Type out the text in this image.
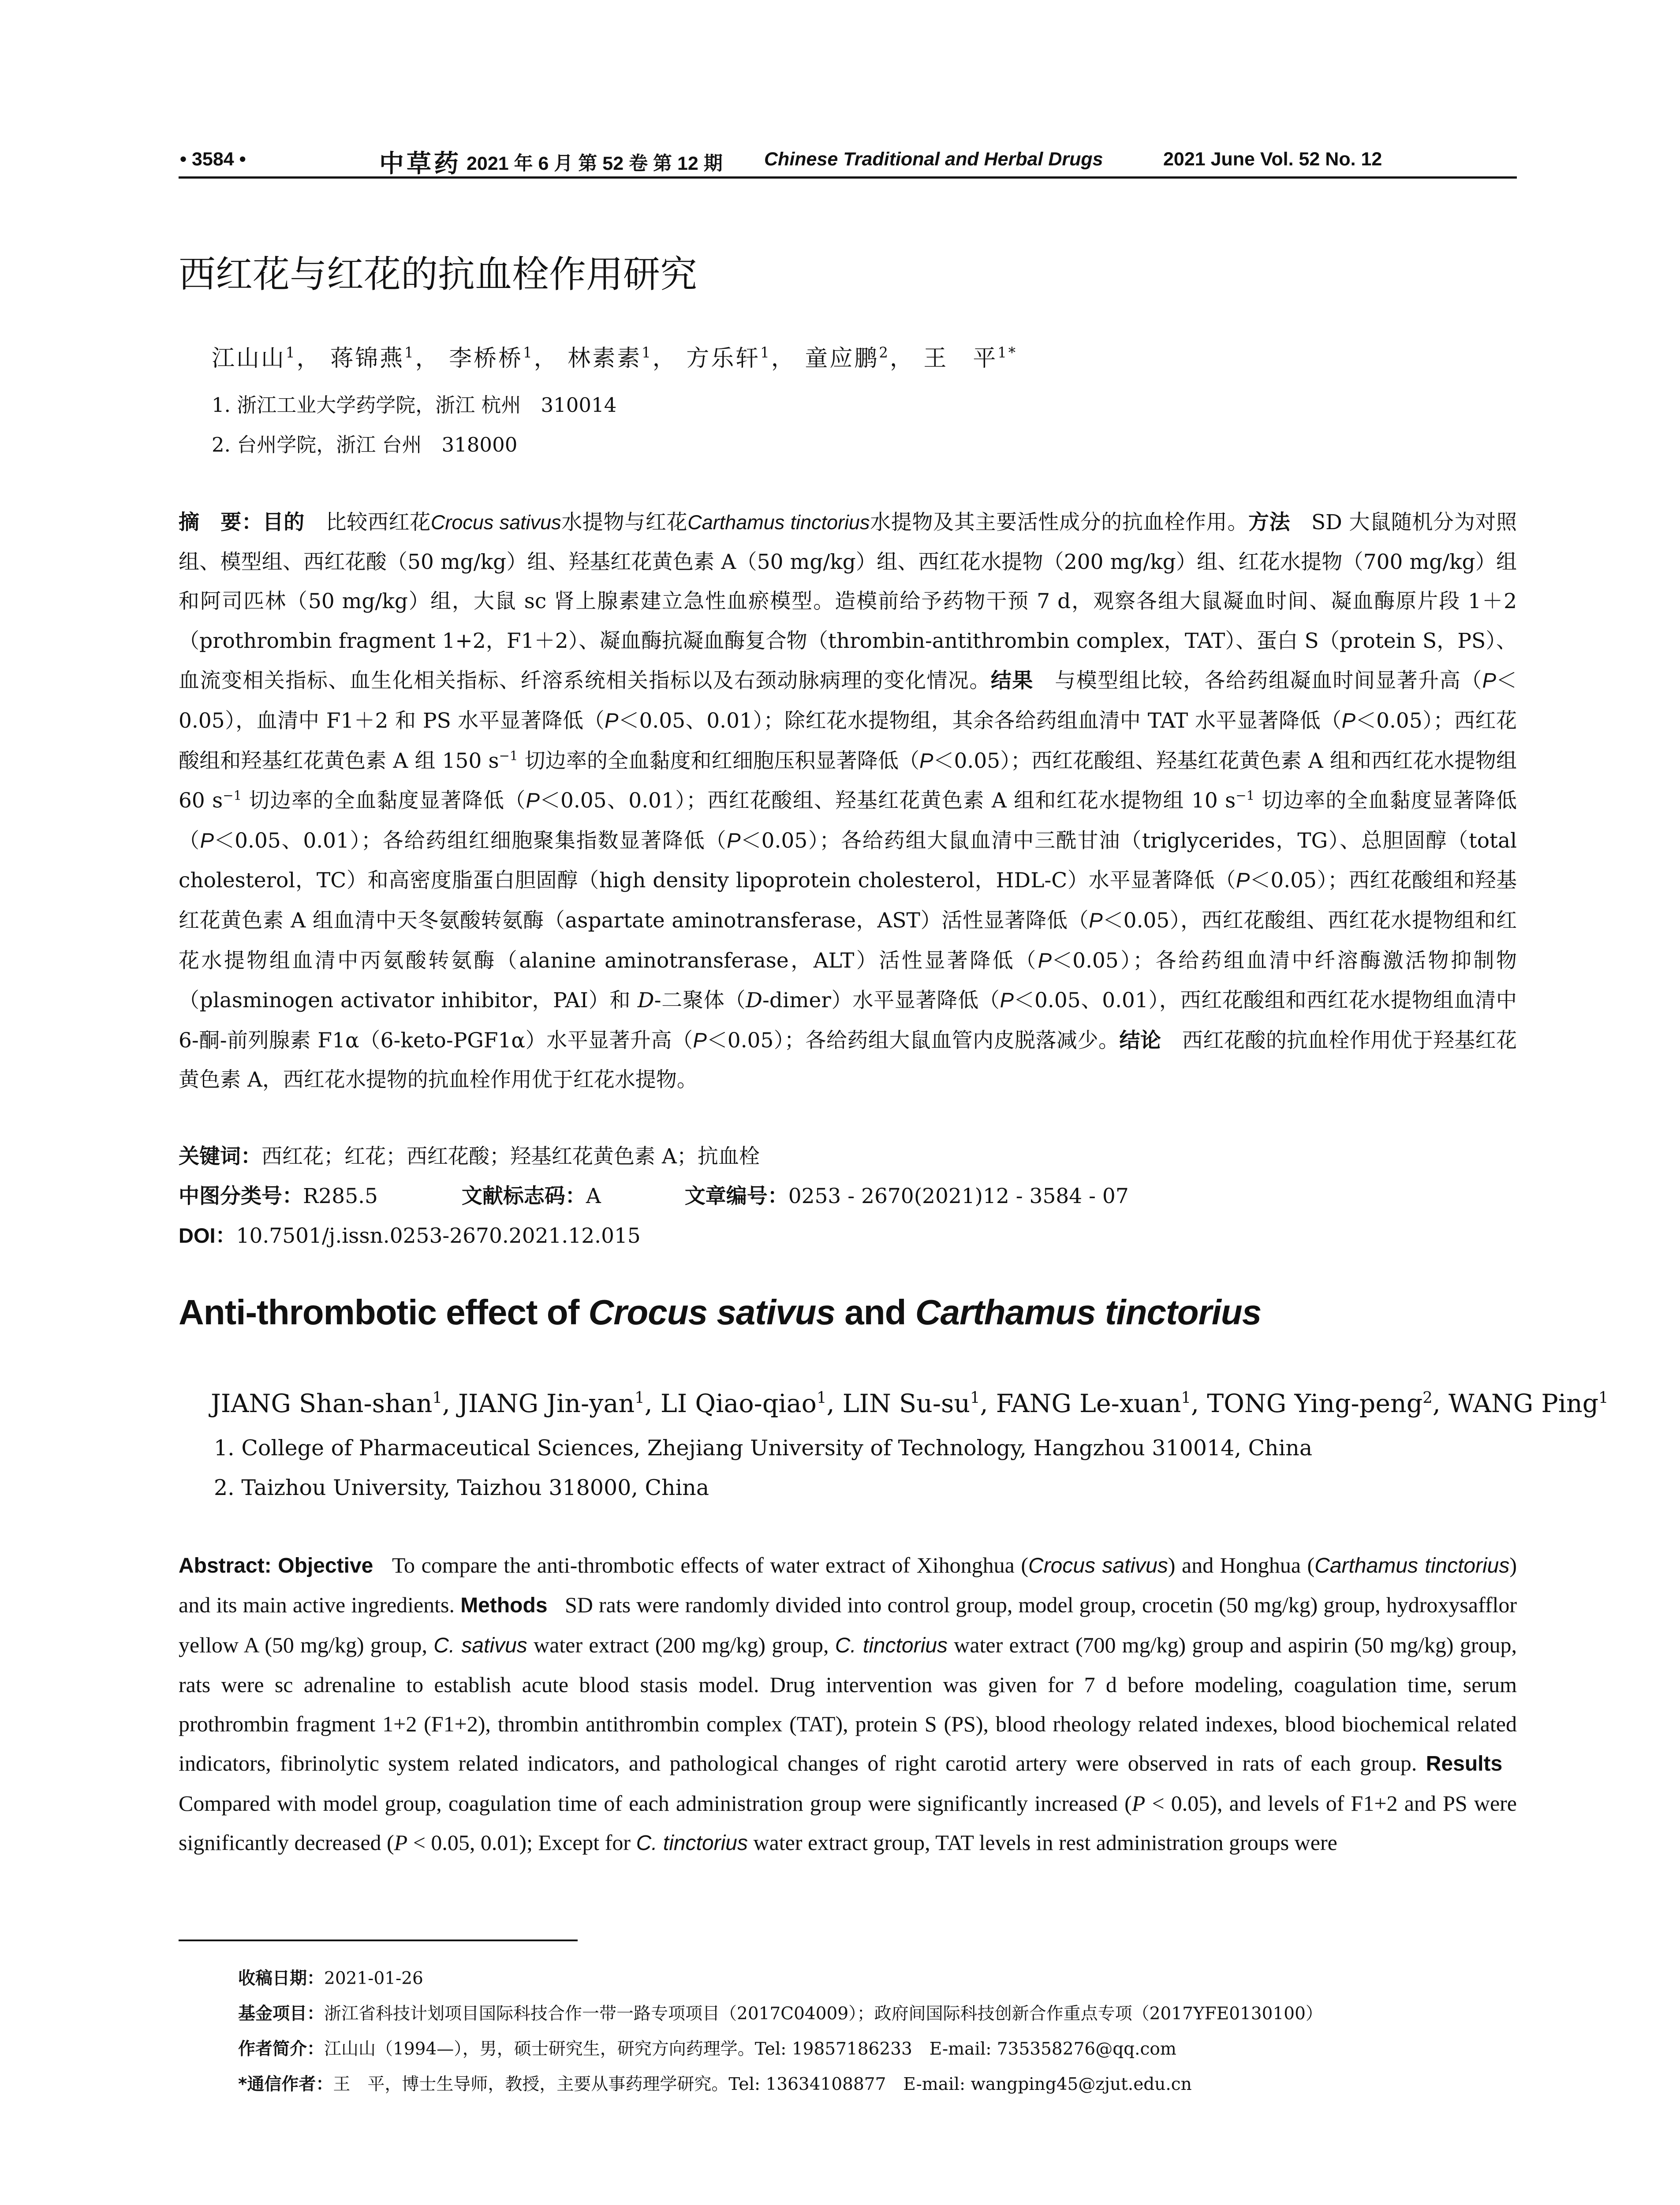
• 3584 •	中草药 2021 年 6 月 第 52 卷 第 12 期 Chinese Traditional and Herbal Drugs	2021 June Vol. 52 No. 12
西红花与红花的抗血栓作用研究
江山山$^1$， 蒋锦燕$^1$， 李桥桥$^1$， 林素素$^1$， 方乐轩$^1$， 童应鹏$^2$， 王　平$^{1*}$
1. 浙江工业大学药学院，浙江 杭州　310014
2. 台州学院，浙江 台州　318000
摘　要：目的　 比较西红花Crocus sativus水提物与红花Carthamus tinctorius水提物及其主要活性成分的抗血栓作用。方法　 SD 大鼠随机分为对照组、模型组、西红花酸（50 mg/kg）组、羟基红花黄色素 A（50 mg/kg）组、西红花水提物（200 mg/kg）组、红花水提物（700 mg/kg）组和阿司匹林（50 mg/kg）组，大鼠 sc 肾上腺素建立急性血瘀模型。造模前给予药物干预 7 d，观察各组大鼠凝血时间、凝血酶原片段 1＋2（prothrombin fragment 1+2，F1＋2）、凝血酶抗凝血酶复合物（thrombin-antithrombin complex，TAT）、蛋白 S（protein S，PS）、血流变相关指标、血生化相关指标、纤溶系统相关指标以及右颈动脉病理的变化情况。结果　 与模型组比较，各给药组凝血时间显著升高（P＜0.05），血清中 F1＋2 和 PS 水平显著降低（P＜0.05、0.01）；除红花水提物组，其余各给药组血清中 TAT 水平显著降低（P＜0.05）；西红花酸组和羟基红花黄色素 A 组 150 $s^{-1}$ 切边率的全血黏度和红细胞压积显著降低（P＜0.05）；西红花酸组、羟基红花黄色素 A 组和西红花水提物组 60 $s^{-1}$ 切边率的全血黏度显著降低（P＜0.05、0.01）；西红花酸组、羟基红花黄色素 A 组和红花水提物组 10 $s^{-1}$ 切边率的全血黏度显著降低（P＜0.05、0.01）；各给药组红细胞聚集指数显著降低（P＜0.05）；各给药组大鼠血清中三酰甘油（triglycerides，TG）、总胆固醇（total cholesterol，TC）和高密度脂蛋白胆固醇（high density lipoprotein cholesterol，HDL-C）水平显著降低（P＜0.05）；西红花酸组和羟基红花黄色素 A 组血清中天冬氨酸转氨酶（aspartate aminotransferase，AST）活性显著降低（P＜0.05），西红花酸组、西红花水提物组和红花水提物组血清中丙氨酸转氨酶（alanine aminotransferase，ALT）活性显著降低（P＜0.05）；各给药组血清中纤溶酶激活物抑制物（plasminogen activator inhibitor，PAI）和 D-二聚体（D-dimer）水平显著降低（P＜0.05、0.01），西红花酸组和西红花水提物组血清中 6-酮-前列腺素 F1α（6-keto-PGF1α）水平显著升高（P＜0.05）；各给药组大鼠血管内皮脱落减少。结论　 西红花酸的抗血栓作用优于羟基红花黄色素 A，西红花水提物的抗血栓作用优于红花水提物。
关键词：西红花；红花；西红花酸；羟基红花黄色素 A；抗血栓
中图分类号：R285.5	文献标志码：A	文章编号：0253 - 2670(2021)12 - 3584 - 07
DOI：10.7501/j.issn.0253-2670.2021.12.015
Anti-thrombotic effect of Crocus sativus and Carthamus tinctorius
JIANG Shan-shan$^1$, JIANG Jin-yan$^1$, LI Qiao-qiao$^1$, LIN $Su-su^1$, FANG Le-xuan$^1$, TONG Ying-peng$^2$, WANG Ping$^1$
1. College of Pharmaceutical Sciences, Zhejiang University of Technology, Hangzhou 310014, China
2. Taizhou University, Taizhou 318000, China
Abstract: Objective To compare the anti-thrombotic effects of water extract of Xihonghua (Crocus sativus) and Honghua (Carthamus tinctorius) and its main active ingredients. Methods SD rats were randomly divided into control group, model group, crocetin (50 mg/kg) group, hydroxysafflor yellow A (50 mg/kg) group, C. sativus water extract (200 mg/kg) group, C. tinctorius water extract (700 mg/kg) group and aspirin (50 mg/kg) group, rats were sc adrenaline to establish acute blood stasis model. Drug intervention was given for 7 d before modeling, coagulation time, serum prothrombin fragment 1+2 (F1+2), thrombin antithrombin complex (TAT), protein S (PS), blood rheology related indexes, blood biochemical related indicators, fibrinolytic system related indicators, and pathological changes of right carotid artery were observed in rats of each group. Results   Compared with model group, coagulation time of each administration group were significantly increased (P < 0.05), and levels of F1+2 and PS were significantly decreased (P < 0.05, 0.01); Except for C. tinctorius water extract group, TAT levels in rest administration groups were
收稿日期：2021-01-26
基金项目：浙江省科技计划项目国际科技合作一带一路专项项目（2017C04009）；政府间国际科技创新合作重点专项（2017YFE0130100）
作者简介：江山山（1994—），男，硕士研究生，研究方向药理学。Tel: 19857186233　E-mail: 735358276@qq.com
*通信作者：王　平，博士生导师，教授，主要从事药理学研究。Tel: 13634108877　E-mail: wangping45@zjut.edu.cn
